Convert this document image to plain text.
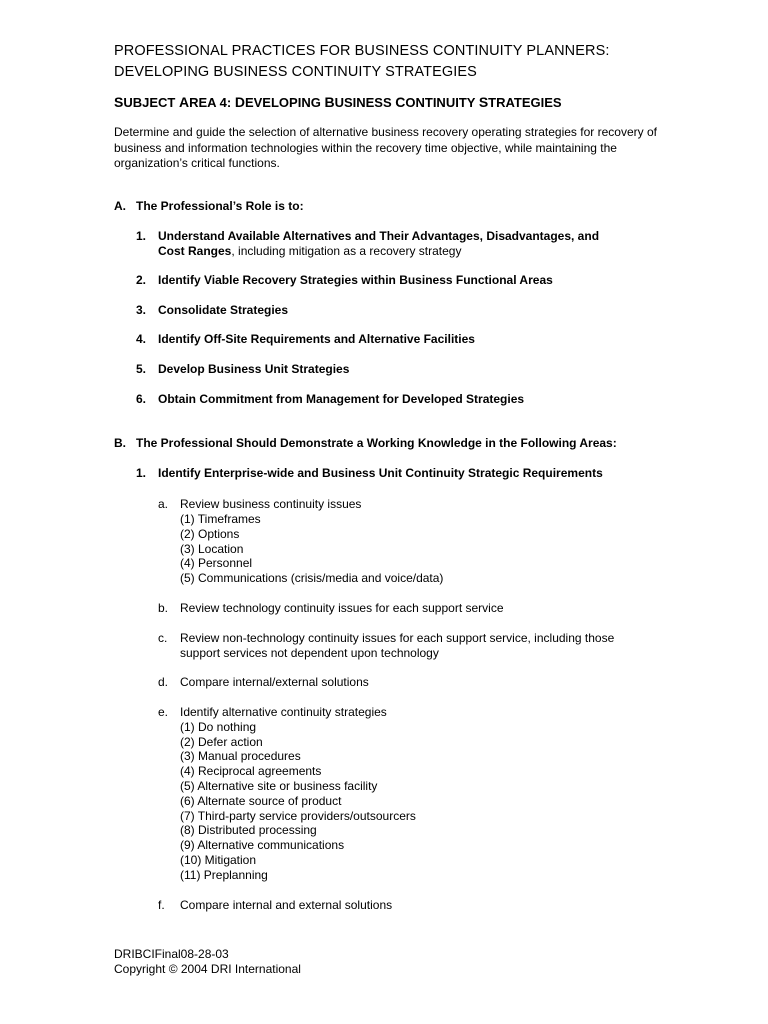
PROFESSIONAL PRACTICES FOR BUSINESS CONTINUITY PLANNERS:
DEVELOPING BUSINESS CONTINUITY STRATEGIES
SUBJECT AREA 4: DEVELOPING BUSINESS CONTINUITY STRATEGIES
Determine and guide the selection of alternative business recovery operating strategies for recovery of business and information technologies within the recovery time objective, while maintaining the organization’s critical functions.
A. The Professional’s Role is to:
1. Understand Available Alternatives and Their Advantages, Disadvantages, and
Cost Ranges, including mitigation as a recovery strategy
2. Identify Viable Recovery Strategies within Business Functional Areas
3. Consolidate Strategies
4. Identify Off-Site Requirements and Alternative Facilities
5. Develop Business Unit Strategies
6. Obtain Commitment from Management for Developed Strategies
B. The Professional Should Demonstrate a Working Knowledge in the Following Areas:
1. Identify Enterprise-wide and Business Unit Continuity Strategic Requirements
a. Review business continuity issues
(1) Timeframes
(2) Options
(3) Location
(4) Personnel
(5) Communications (crisis/media and voice/data)
b. Review technology continuity issues for each support service
c. Review non-technology continuity issues for each support service, including those
support services not dependent upon technology
d. Compare internal/external solutions
e. Identify alternative continuity strategies
(1) Do nothing
(2) Defer action
(3) Manual procedures
(4) Reciprocal agreements
(5) Alternative site or business facility
(6) Alternate source of product
(7) Third-party service providers/outsourcers
(8) Distributed processing
(9) Alternative communications
(10) Mitigation
(11) Preplanning
f. Compare internal and external solutions
DRIBCIFinal08-28-03
Copyright © 2004 DRI International
